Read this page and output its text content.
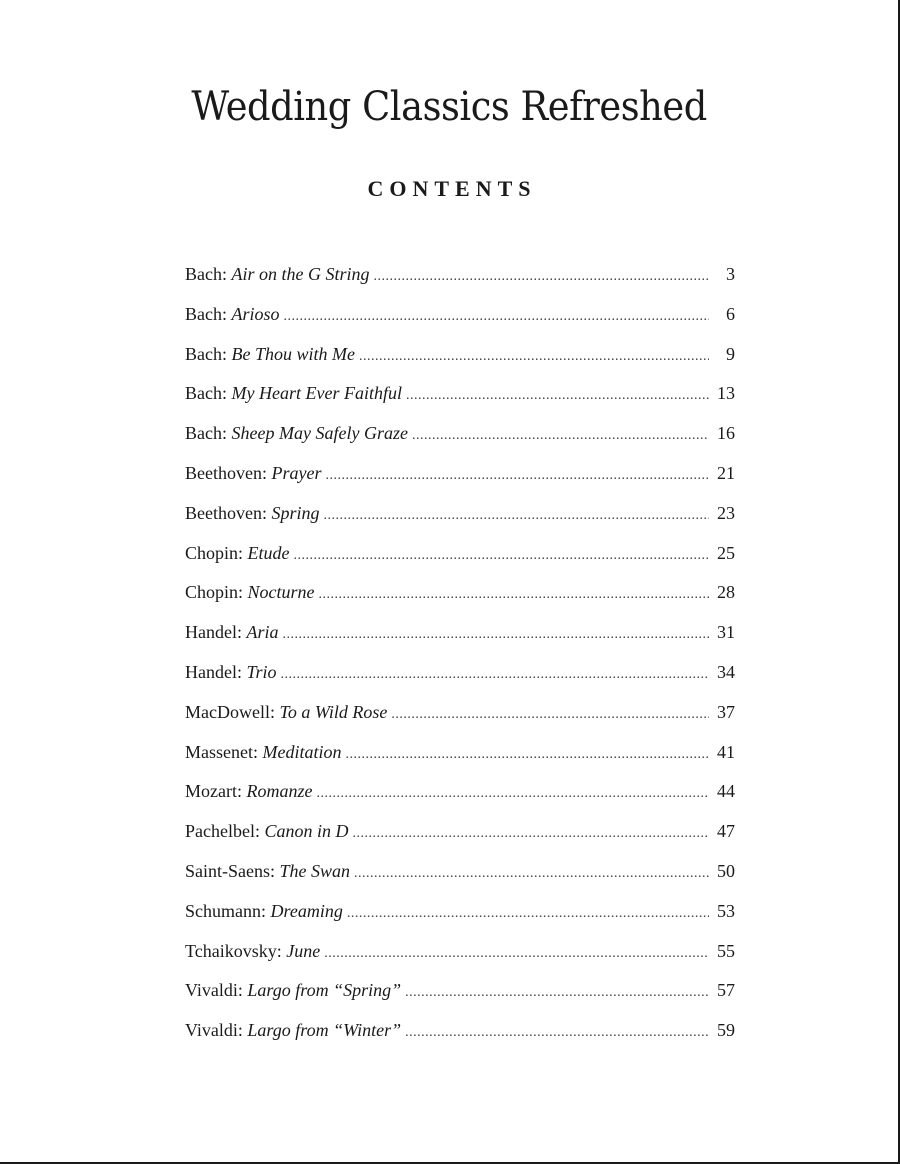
Wedding Classics Refreshed
CONTENTS
Bach: Air on the G String .....	3
Bach: Arioso .....	6
Bach: Be Thou with Me .....	9
Bach: My Heart Ever Faithful .....	13
Bach: Sheep May Safely Graze .....	16
Beethoven: Prayer .....	21
Beethoven: Spring .....	23
Chopin: Etude .....	25
Chopin: Nocturne .....	28
Handel: Aria .....	31
Handel: Trio .....	34
MacDowell: To a Wild Rose .....	37
Massenet: Meditation .....	41
Mozart: Romanze .....	44
Pachelbel: Canon in D .....	47
Saint-Saens: The Swan .....	50
Schumann: Dreaming .....	53
Tchaikovsky: June .....	55
Vivaldi: Largo from “Spring” .....	57
Vivaldi: Largo from “Winter” .....	59
